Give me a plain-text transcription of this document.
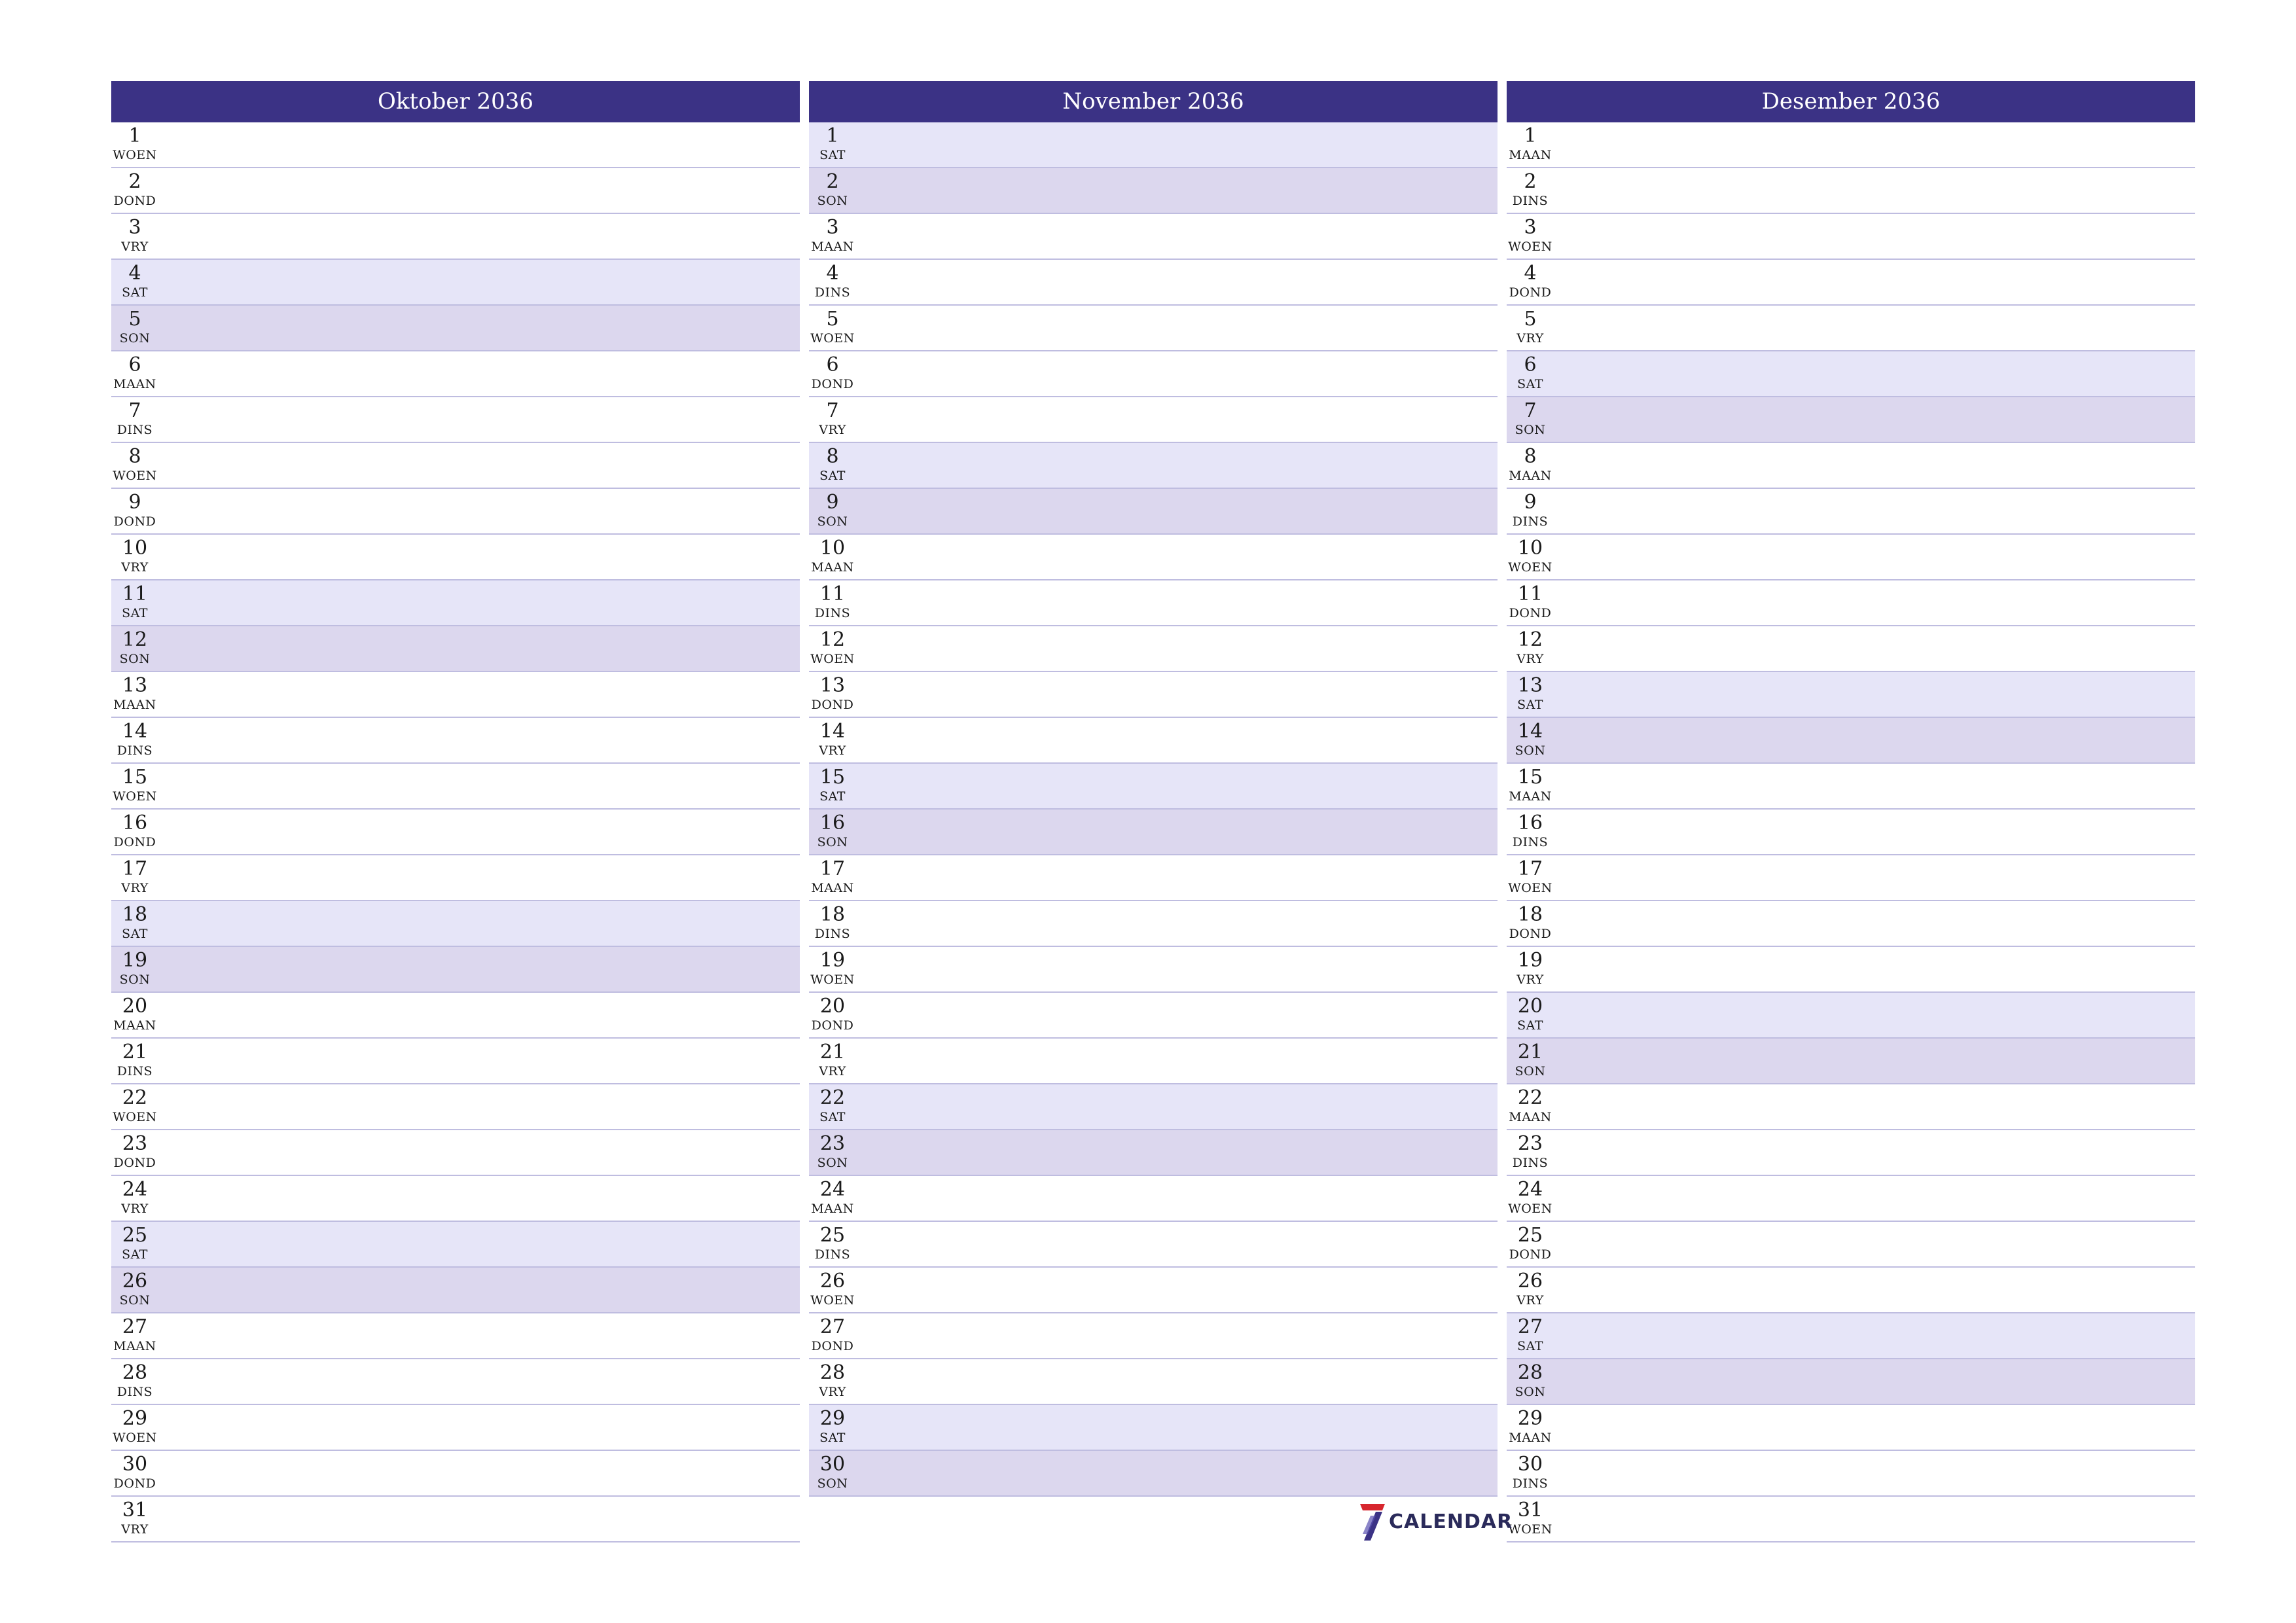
Oktober 2036
1
WOEN
2
DOND
3
VRY
4
SAT
5
SON
6
MAAN
7
DINS
8
WOEN
9
DOND
10
VRY
11
SAT
12
SON
13
MAAN
14
DINS
15
WOEN
16
DOND
17
VRY
18
SAT
19
SON
20
MAAN
21
DINS
22
WOEN
23
DOND
24
VRY
25
SAT
26
SON
27
MAAN
28
DINS
29
WOEN
30
DOND
31
VRY
November 2036
1
SAT
2
SON
3
MAAN
4
DINS
5
WOEN
6
DOND
7
VRY
8
SAT
9
SON
10
MAAN
11
DINS
12
WOEN
13
DOND
14
VRY
15
SAT
16
SON
17
MAAN
18
DINS
19
WOEN
20
DOND
21
VRY
22
SAT
23
SON
24
MAAN
25
DINS
26
WOEN
27
DOND
28
VRY
29
SAT
30
SON
Desember 2036
1
MAAN
2
DINS
3
WOEN
4
DOND
5
VRY
6
SAT
7
SON
8
MAAN
9
DINS
10
WOEN
11
DOND
12
VRY
13
SAT
14
SON
15
MAAN
16
DINS
17
WOEN
18
DOND
19
VRY
20
SAT
21
SON
22
MAAN
23
DINS
24
WOEN
25
DOND
26
VRY
27
SAT
28
SON
29
MAAN
30
DINS
31
WOEN
CALENDAR
